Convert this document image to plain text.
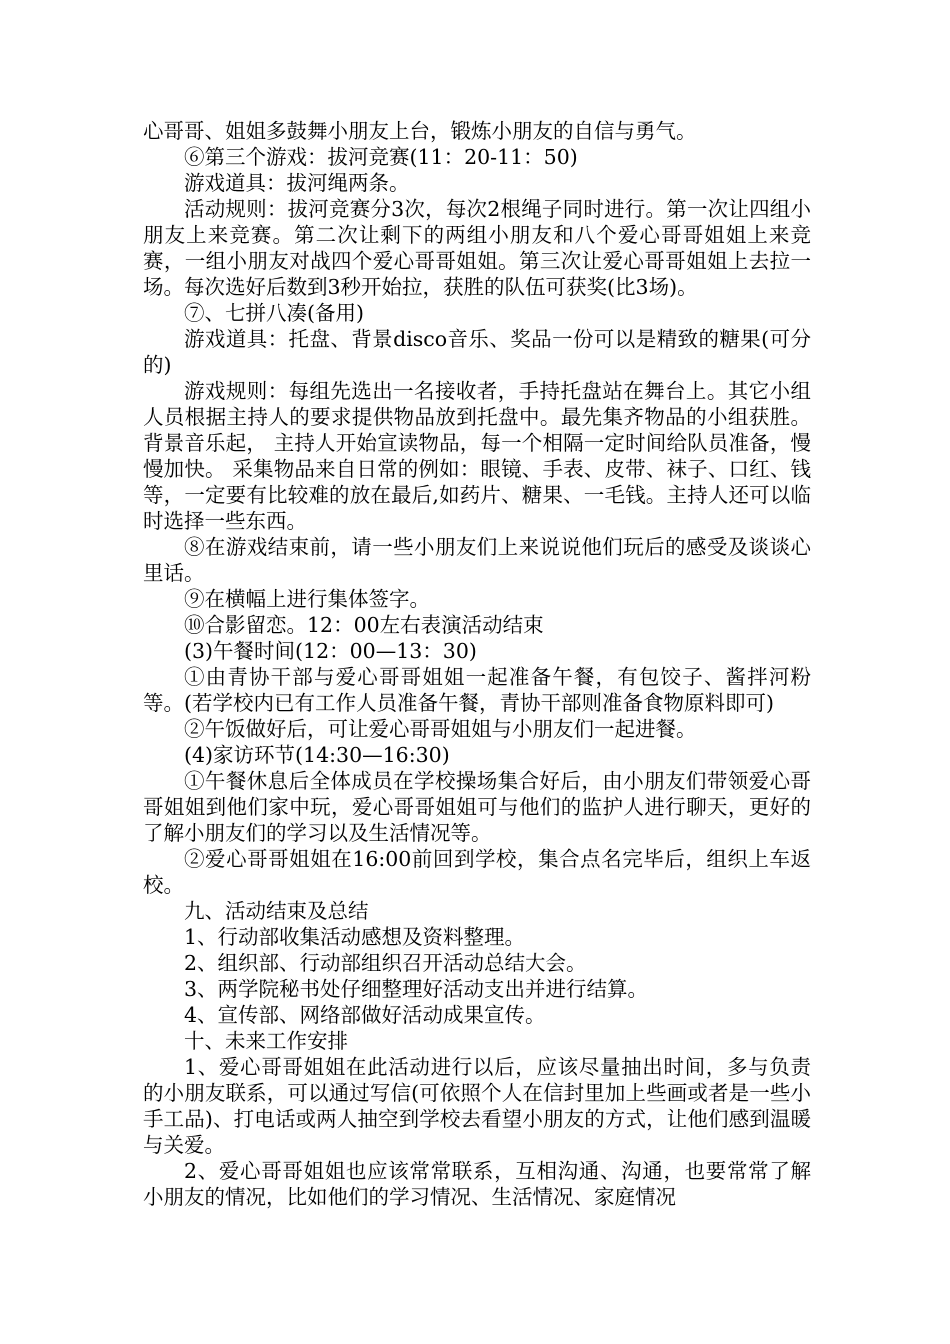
心哥哥、姐姐多鼓舞小朋友上台，锻炼小朋友的自信与勇气。

⑥第三个游戏：拔河竞赛(11：20-11：50)

游戏道具：拔河绳两条。

活动规则：拔河竞赛分3次，每次2根绳子同时进行。第一次让四组小朋友上来竞赛。第二次让剩下的两组小朋友和八个爱心哥哥姐姐上来竞赛，一组小朋友对战四个爱心哥哥姐姐。第三次让爱心哥哥姐姐上去拉一场。每次选好后数到3秒开始拉，获胜的队伍可获奖(比3场)。

⑦、七拼八凑(备用)

游戏道具：托盘、背景disco音乐、奖品一份可以是精致的糖果(可分的)

游戏规则：每组先选出一名接收者，手持托盘站在舞台上。其它小组人员根据主持人的要求提供物品放到托盘中。最先集齐物品的小组获胜。 背景音乐起， 主持人开始宣读物品，每一个相隔一定时间给队员准备，慢慢加快。 采集物品来自日常的例如：眼镜、手表、皮带、袜子、口红、钱等，一定要有比较难的放在最后,如药片、糖果、一毛钱。主持人还可以临时选择一些东西。

⑧在游戏结束前，请一些小朋友们上来说说他们玩后的感受及谈谈心里话。

⑨在横幅上进行集体签字。

⑩合影留恋。12：00左右表演活动结束

(3)午餐时间(12：00—13：30)

①由青协干部与爱心哥哥姐姐一起准备午餐，有包饺子、酱拌河粉等。(若学校内已有工作人员准备午餐，青协干部则准备食物原料即可)

②午饭做好后，可让爱心哥哥姐姐与小朋友们一起进餐。

(4)家访环节(14:30—16:30)

①午餐休息后全体成员在学校操场集合好后，由小朋友们带领爱心哥哥姐姐到他们家中玩，爱心哥哥姐姐可与他们的监护人进行聊天，更好的了解小朋友们的学习以及生活情况等。

②爱心哥哥姐姐在16:00前回到学校，集合点名完毕后，组织上车返校。

九、活动结束及总结

1、行动部收集活动感想及资料整理。

2、组织部、行动部组织召开活动总结大会。

3、两学院秘书处仔细整理好活动支出并进行结算。

4、宣传部、网络部做好活动成果宣传。

十、未来工作安排

1、爱心哥哥姐姐在此活动进行以后，应该尽量抽出时间，多与负责的小朋友联系，可以通过写信(可依照个人在信封里加上些画或者是一些小手工品)、打电话或两人抽空到学校去看望小朋友的方式，让他们感到温暖与关爱。

2、爱心哥哥姐姐也应该常常联系，互相沟通、沟通，也要常常了解小朋友的情况，比如他们的学习情况、生活情况、家庭情况
